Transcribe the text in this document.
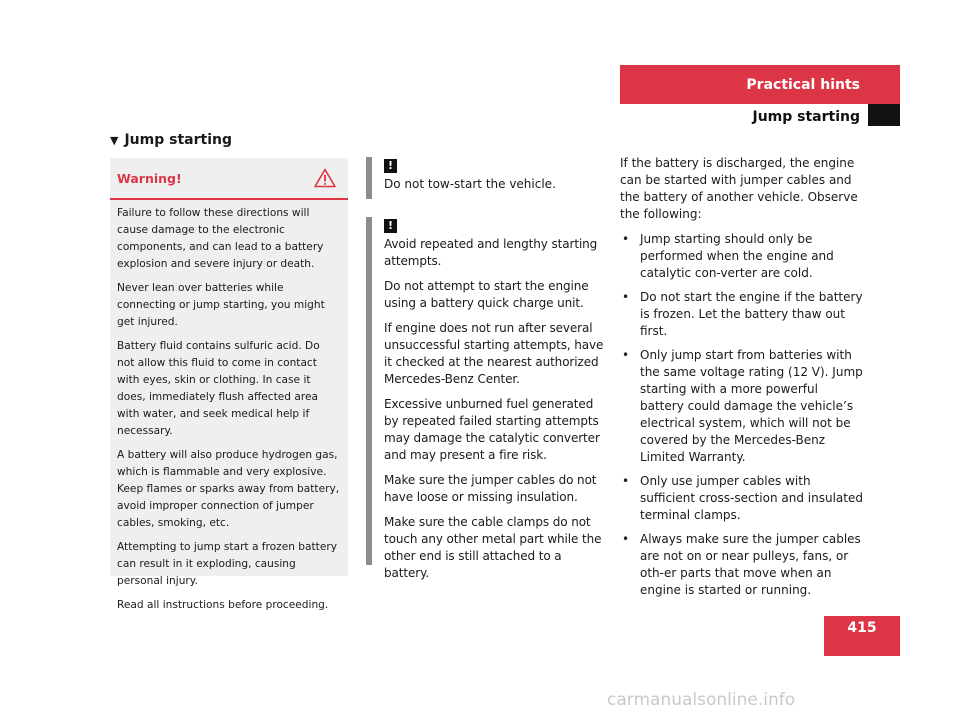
Practical hints
Jump starting
▼ Jump starting
Warning!

Failure to follow these directions will cause damage to the electronic components, and can lead to a battery explosion and severe injury or death.

Never lean over batteries while connecting or jump starting, you might get injured.

Battery fluid contains sulfuric acid. Do not allow this fluid to come in contact with eyes, skin or clothing. In case it does, immediately flush affected area with water, and seek medical help if necessary.

A battery will also produce hydrogen gas, which is flammable and very explosive. Keep flames or sparks away from battery, avoid improper connection of jumper cables, smoking, etc.

Attempting to jump start a frozen battery can result in it exploding, causing personal injury.

Read all instructions before proceeding.

!

Do not tow-start the vehicle.

!

Avoid repeated and lengthy starting attempts.

Do not attempt to start the engine using a battery quick charge unit.

If engine does not run after several unsuccessful starting attempts, have it checked at the nearest authorized Mercedes-Benz Center.

Excessive unburned fuel generated by repeated failed starting attempts may damage the catalytic converter and may present a fire risk.

Make sure the jumper cables do not have loose or missing insulation.

Make sure the cable clamps do not touch any other metal part while the other end is still attached to a battery.

If the battery is discharged, the engine can be started with jumper cables and the battery of another vehicle. Observe the following:

• Jump starting should only be performed when the engine and catalytic con-verter are cold.
• Do not start the engine if the battery is frozen. Let the battery thaw out first.
• Only jump start from batteries with the same voltage rating (12 V). Jump starting with a more powerful battery could damage the vehicle’s electrical system, which will not be covered by the Mercedes-Benz Limited Warranty.
• Only use jumper cables with sufficient cross-section and insulated terminal clamps.
• Always make sure the jumper cables are not on or near pulleys, fans, or oth-er parts that move when an engine is started or running.
415
carmanualsonline.info
